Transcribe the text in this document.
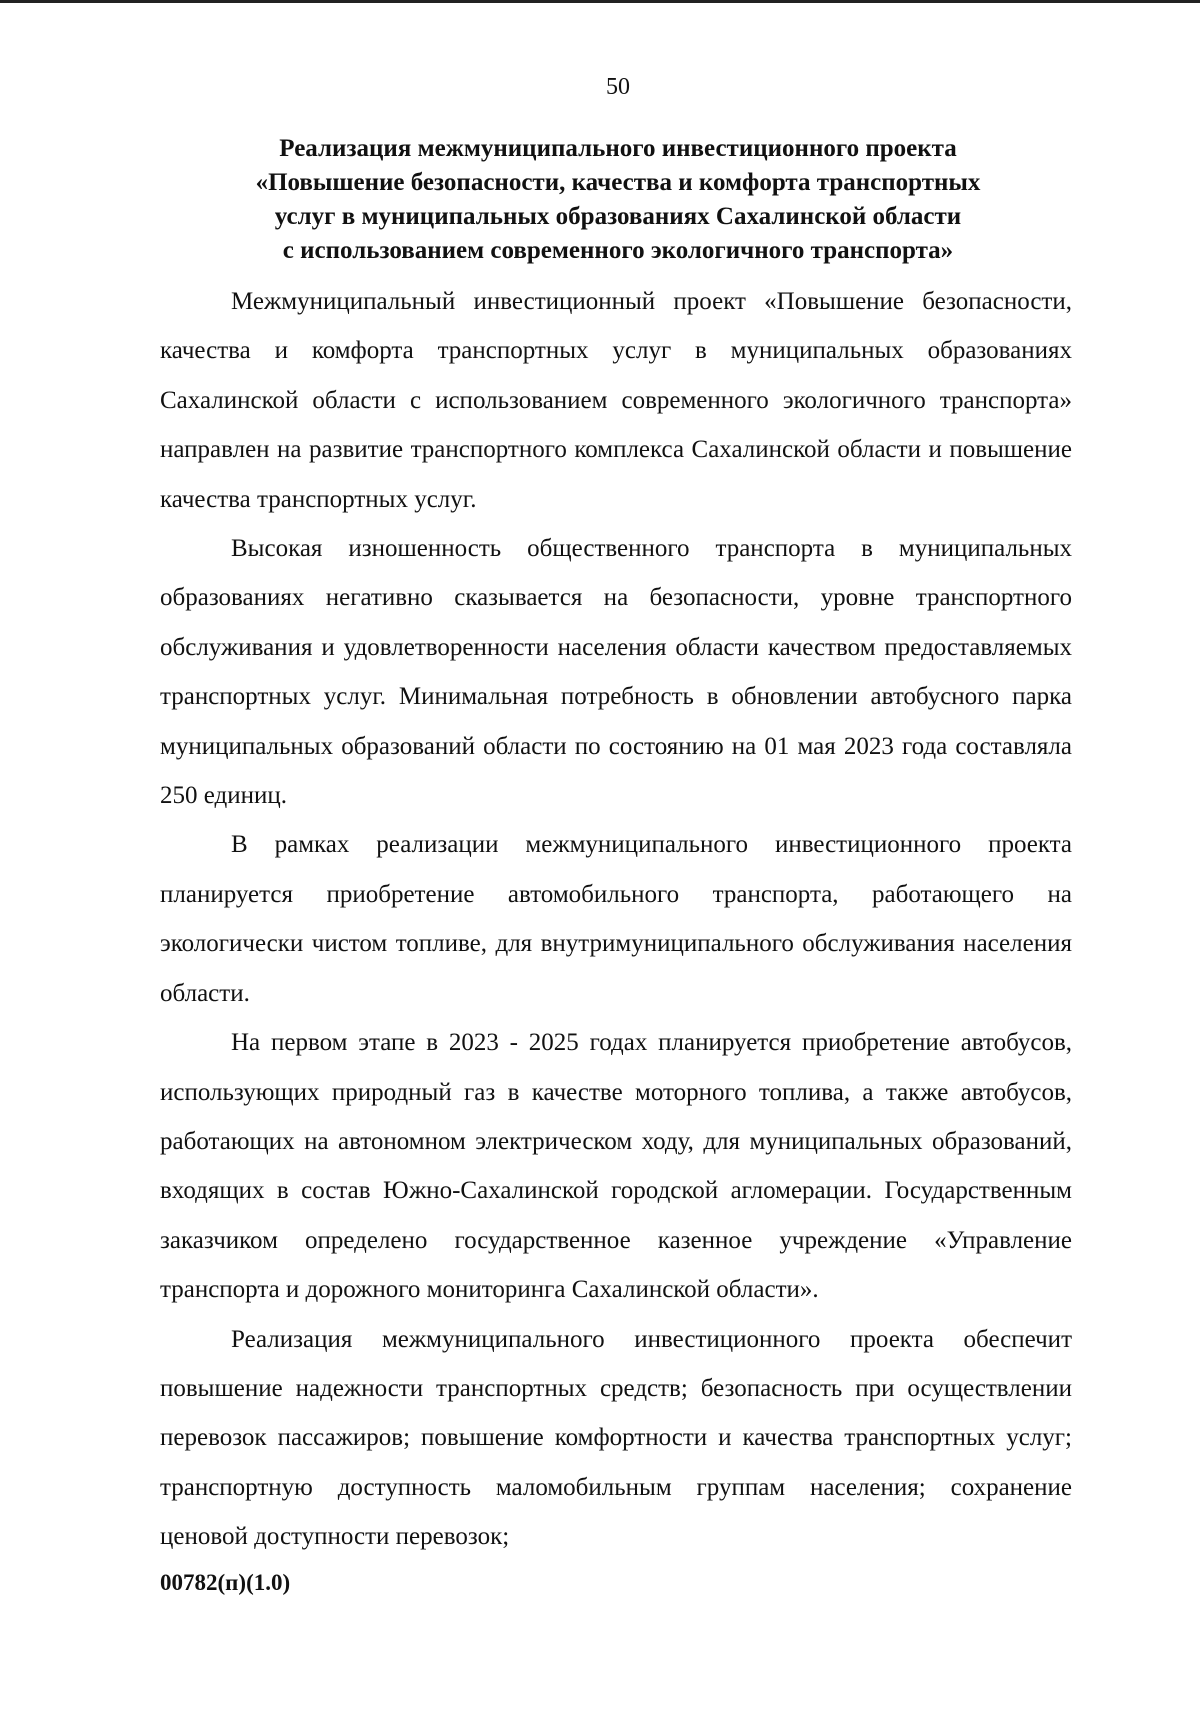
50
Реализация межмуниципального инвестиционного проекта
«Повышение безопасности, качества и комфорта транспортных
услуг в муниципальных образованиях Сахалинской области
с использованием современного экологичного транспорта»

Межмуниципальный инвестиционный проект «Повышение безопасности, качества и комфорта транспортных услуг в муниципальных образованиях Сахалинской области с использованием современного экологичного транспорта» направлен на развитие транспортного комплекса Сахалинской области и повышение качества транспортных услуг.

Высокая изношенность общественного транспорта в муниципальных образованиях негативно сказывается на безопасности, уровне транспортного обслуживания и удовлетворенности населения области качеством предоставляемых транспортных услуг. Минимальная потребность в обновлении автобусного парка муниципальных образований области по состоянию на 01 мая 2023 года составляла 250 единиц.

В рамках реализации межмуниципального инвестиционного проекта планируется приобретение автомобильного транспорта, работающего на экологически чистом топливе, для внутримуниципального обслуживания населения области.

На первом этапе в 2023 - 2025 годах планируется приобретение автобусов, использующих природный газ в качестве моторного топлива, а также автобусов, работающих на автономном электрическом ходу, для муниципальных образований, входящих в состав Южно-Сахалинской городской агломерации. Государственным заказчиком определено государственное казенное учреждение «Управление транспорта и дорожного мониторинга Сахалинской области».

Реализация межмуниципального инвестиционного проекта обеспечит повышение надежности транспортных средств; безопасность при осуществлении перевозок пассажиров; повышение комфортности и качества транспортных услуг; транспортную доступность маломобильным группам населения; сохранение ценовой доступности перевозок;

00782(п)(1.0)
